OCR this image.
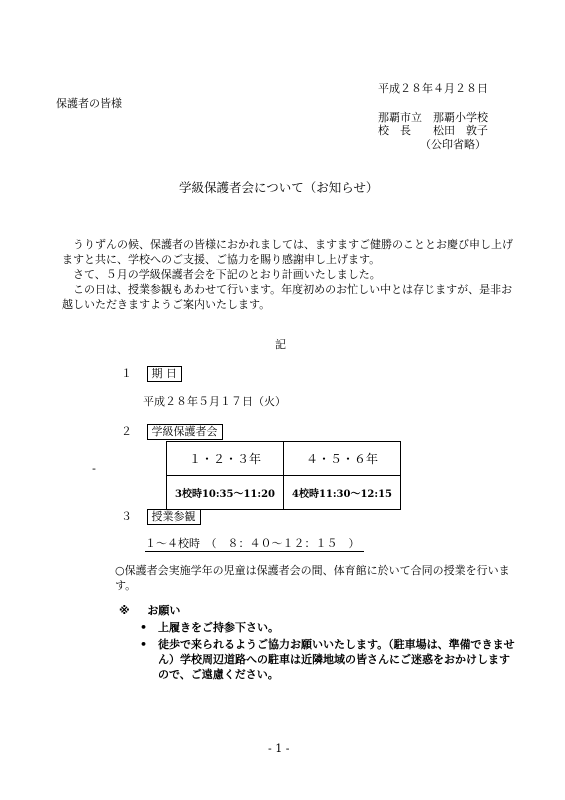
平成２８年４月２８日
保護者の皆様
那覇市立　那覇小学校
校　長　　松田　敦子
（公印省略）
学級保護者会について（お知らせ）

　うりずんの候、保護者の皆様におかれましては、ますますご健勝のこととお慶び申し上げますと共に、学校へのご支援、ご協力を賜り感謝申し上げます。

　さて、５月の学級保護者会を下記のとおり計画いたしました。

　この日は、授業参観もあわせて行います。年度初めのお忙しい中とは存じますが、是非お越しいただきますようご案内いたします。

記
１ 期 日
平成２８年５月１７日（火）
２ 学級保護者会
-
１・２・３年	４・５・６年
3校時10:35～11:20	4校時11:30～12:15
３ 授業参観
１～４校時　（　８：４０～１２：１５　）
○保護者会実施学年の児童は保護者会の間、体育館に於いて合同の授業を行います。
※ お願い
• 上履きをご持参下さい。
• 徒歩で来られるようご協力お願いいたします。（駐車場は、準備できません）学校周辺道路への駐車は近隣地域の皆さんにご迷惑をおかけしますので、ご遠慮ください。
- 1 -
